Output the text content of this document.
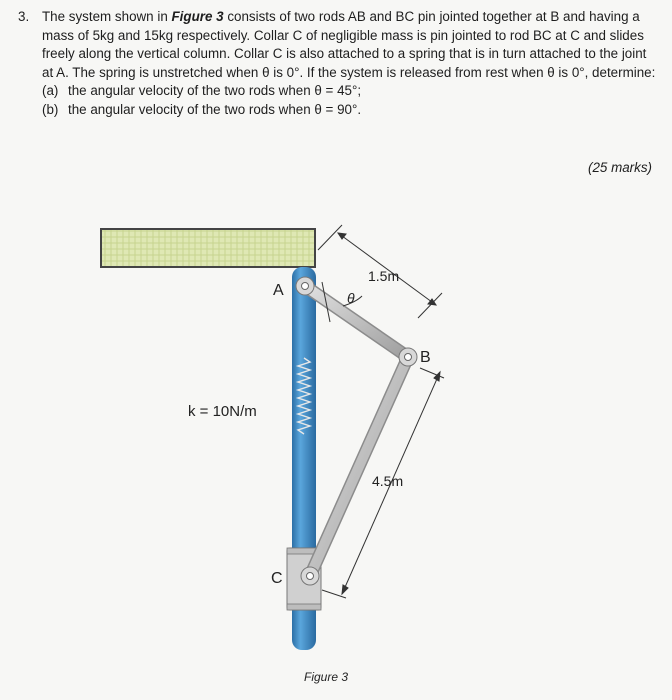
3. The system shown in Figure 3 consists of two rods AB and BC pin jointed together at B and having a mass of 5kg and 15kg respectively. Collar C of negligible mass is pin jointed to rod BC at C and slides freely along the vertical column. Collar C is also attached to a spring that is in turn attached to the joint at A. The spring is unstretched when θ is 0°. If the system is released from rest when θ is 0°, determine:

(a) the angular velocity of the two rods when θ = 45°;

(b) the angular velocity of the two rods when θ = 90°.

(25 marks)
A
B
C
θ
1.5m
4.5m
k = 10N/m
Figure 3
